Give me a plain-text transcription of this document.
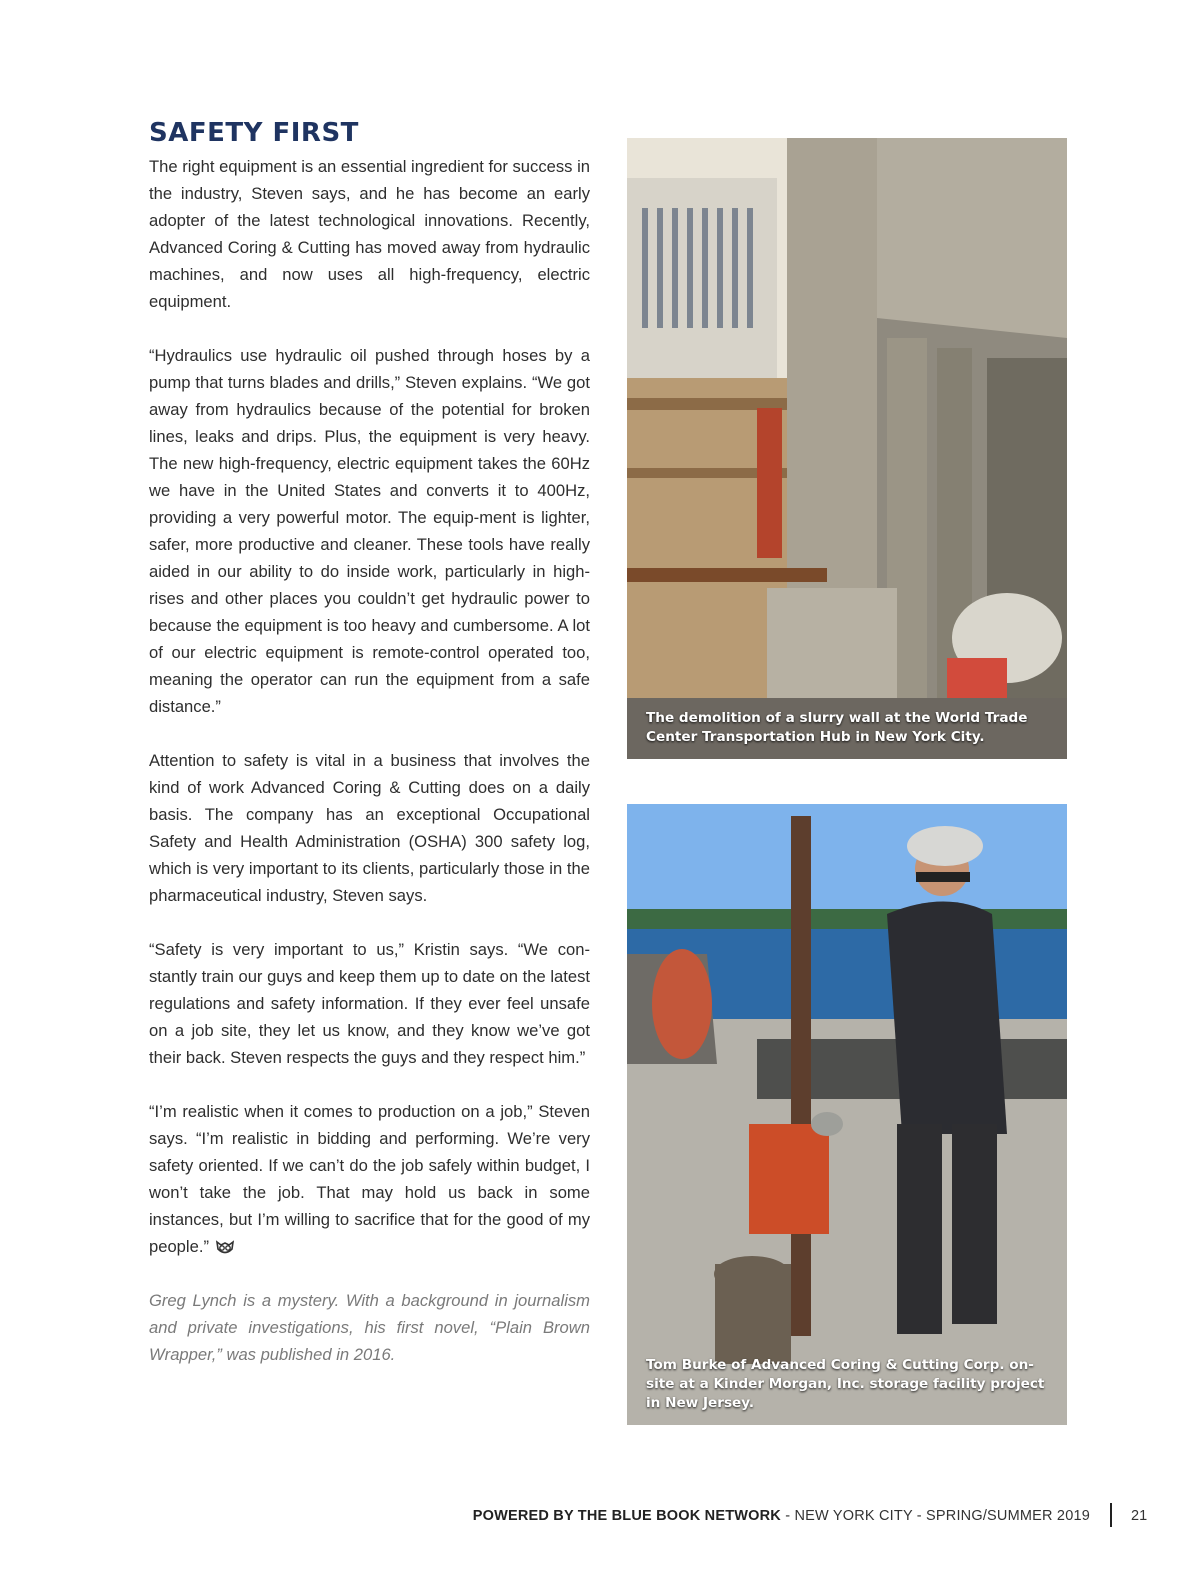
SAFETY FIRST

The right equipment is an essential ingredient for success in the industry, Steven says, and he has become an early adopter of the latest technological innovations. Recently, Advanced Coring & Cutting has moved away from hydraulic machines, and now uses all high-frequency, electric equipment.

“Hydraulics use hydraulic oil pushed through hoses by a pump that turns blades and drills,” Steven explains. “We got away from hydraulics because of the potential for broken lines, leaks and drips. Plus, the equipment is very heavy. The new high-frequency, electric equipment takes the 60Hz we have in the United States and converts it to 400Hz, providing a very powerful motor. The equip-ment is lighter, safer, more productive and cleaner. These tools have really aided in our ability to do inside work, particularly in high-rises and other places you couldn’t get hydraulic power to because the equipment is too heavy and cumbersome. A lot of our electric equipment is remote-control operated too, meaning the operator can run the equipment from a safe distance.”

Attention to safety is vital in a business that involves the kind of work Advanced Coring & Cutting does on a daily basis. The company has an exceptional Occupational Safety and Health Administration (OSHA) 300 safety log, which is very important to its clients, particularly those in the pharmaceutical industry, Steven says.

“Safety is very important to us,” Kristin says. “We con-stantly train our guys and keep them up to date on the latest regulations and safety information. If they ever feel unsafe on a job site, they let us know, and they know we’ve got their back. Steven respects the guys and they respect him.”

“I’m realistic when it comes to production on a job,” Steven says. “I’m realistic in bidding and performing. We’re very safety oriented. If we can’t do the job safely within budget, I won’t take the job. That may hold us back in some instances, but I’m willing to sacrifice that for the good of my people.”

Greg Lynch is a mystery. With a background in journalism and private investigations, his first novel, “Plain Brown Wrapper,” was published in 2016.

The demolition of a slurry wall at the World Trade Center Transportation Hub in New York City.
Tom Burke of Advanced Coring & Cutting Corp. on-site at a Kinder Morgan, Inc. storage facility project in New Jersey.
POWERED BY THE BLUE BOOK NETWORK - NEW YORK CITY - SPRING/SUMMER 2019	21
